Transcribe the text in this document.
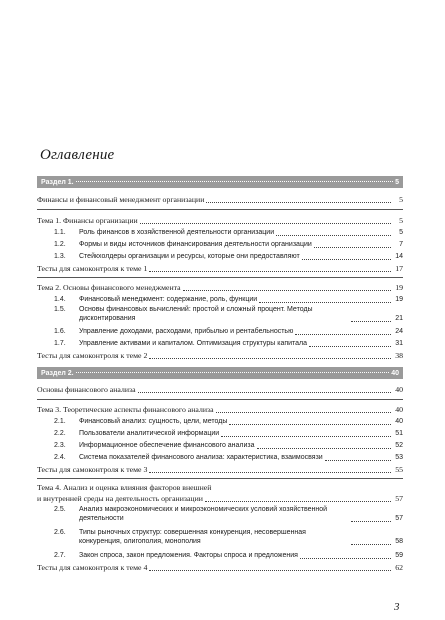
Оглавление
Раздел 1.	5
Финансы и финансовый менеджмент организации	5
Тема 1. Финансы организации	5
1.1.	Роль финансов в хозяйственной деятельности организации	5
1.2.	Формы и виды источников финансирования деятельности организации	7
1.3.	Стейкхолдеры организации и ресурсы, которые они предоставляют	14
Тесты для самоконтроля к теме 1	17
Тема 2. Основы финансового менеджмента	19
1.4.	Финансовый менеджмент: содержание, роль, функции	19
1.5.	Основы финансовых вычислений: простой и сложный процент. Методы дисконтирования	21
1.6.	Управление доходами, расходами, прибылью и рентабельностью	24
1.7.	Управление активами и капиталом. Оптимизация структуры капитала	31
Тесты для самоконтроля к теме 2	38
Раздел 2.	40
Основы финансового анализа	40
Тема 3. Теоретические аспекты финансового анализа	40
2.1.	Финансовый анализ: сущность, цели, методы	40
2.2.	Пользователи аналитической информации	51
2.3.	Информационное обеспечение финансового анализа	52
2.4.	Система показателей финансового анализа: характеристика, взаимосвязи	53
Тесты для самоконтроля к теме 3	55
Тема 4. Анализ и оценка влияния факторов внешней
и внутренней среды на деятельность организации	57
2.5.	Анализ макроэкономических и микроэкономических условий хозяйственной деятельности	57
2.6.	Типы рыночных структур: совершенная конкуренция, несовершенная конкуренция, олигополия, монополия	58
2.7.	Закон спроса, закон предложения. Факторы спроса и предложения	59
Тесты для самоконтроля к теме 4	62
3
